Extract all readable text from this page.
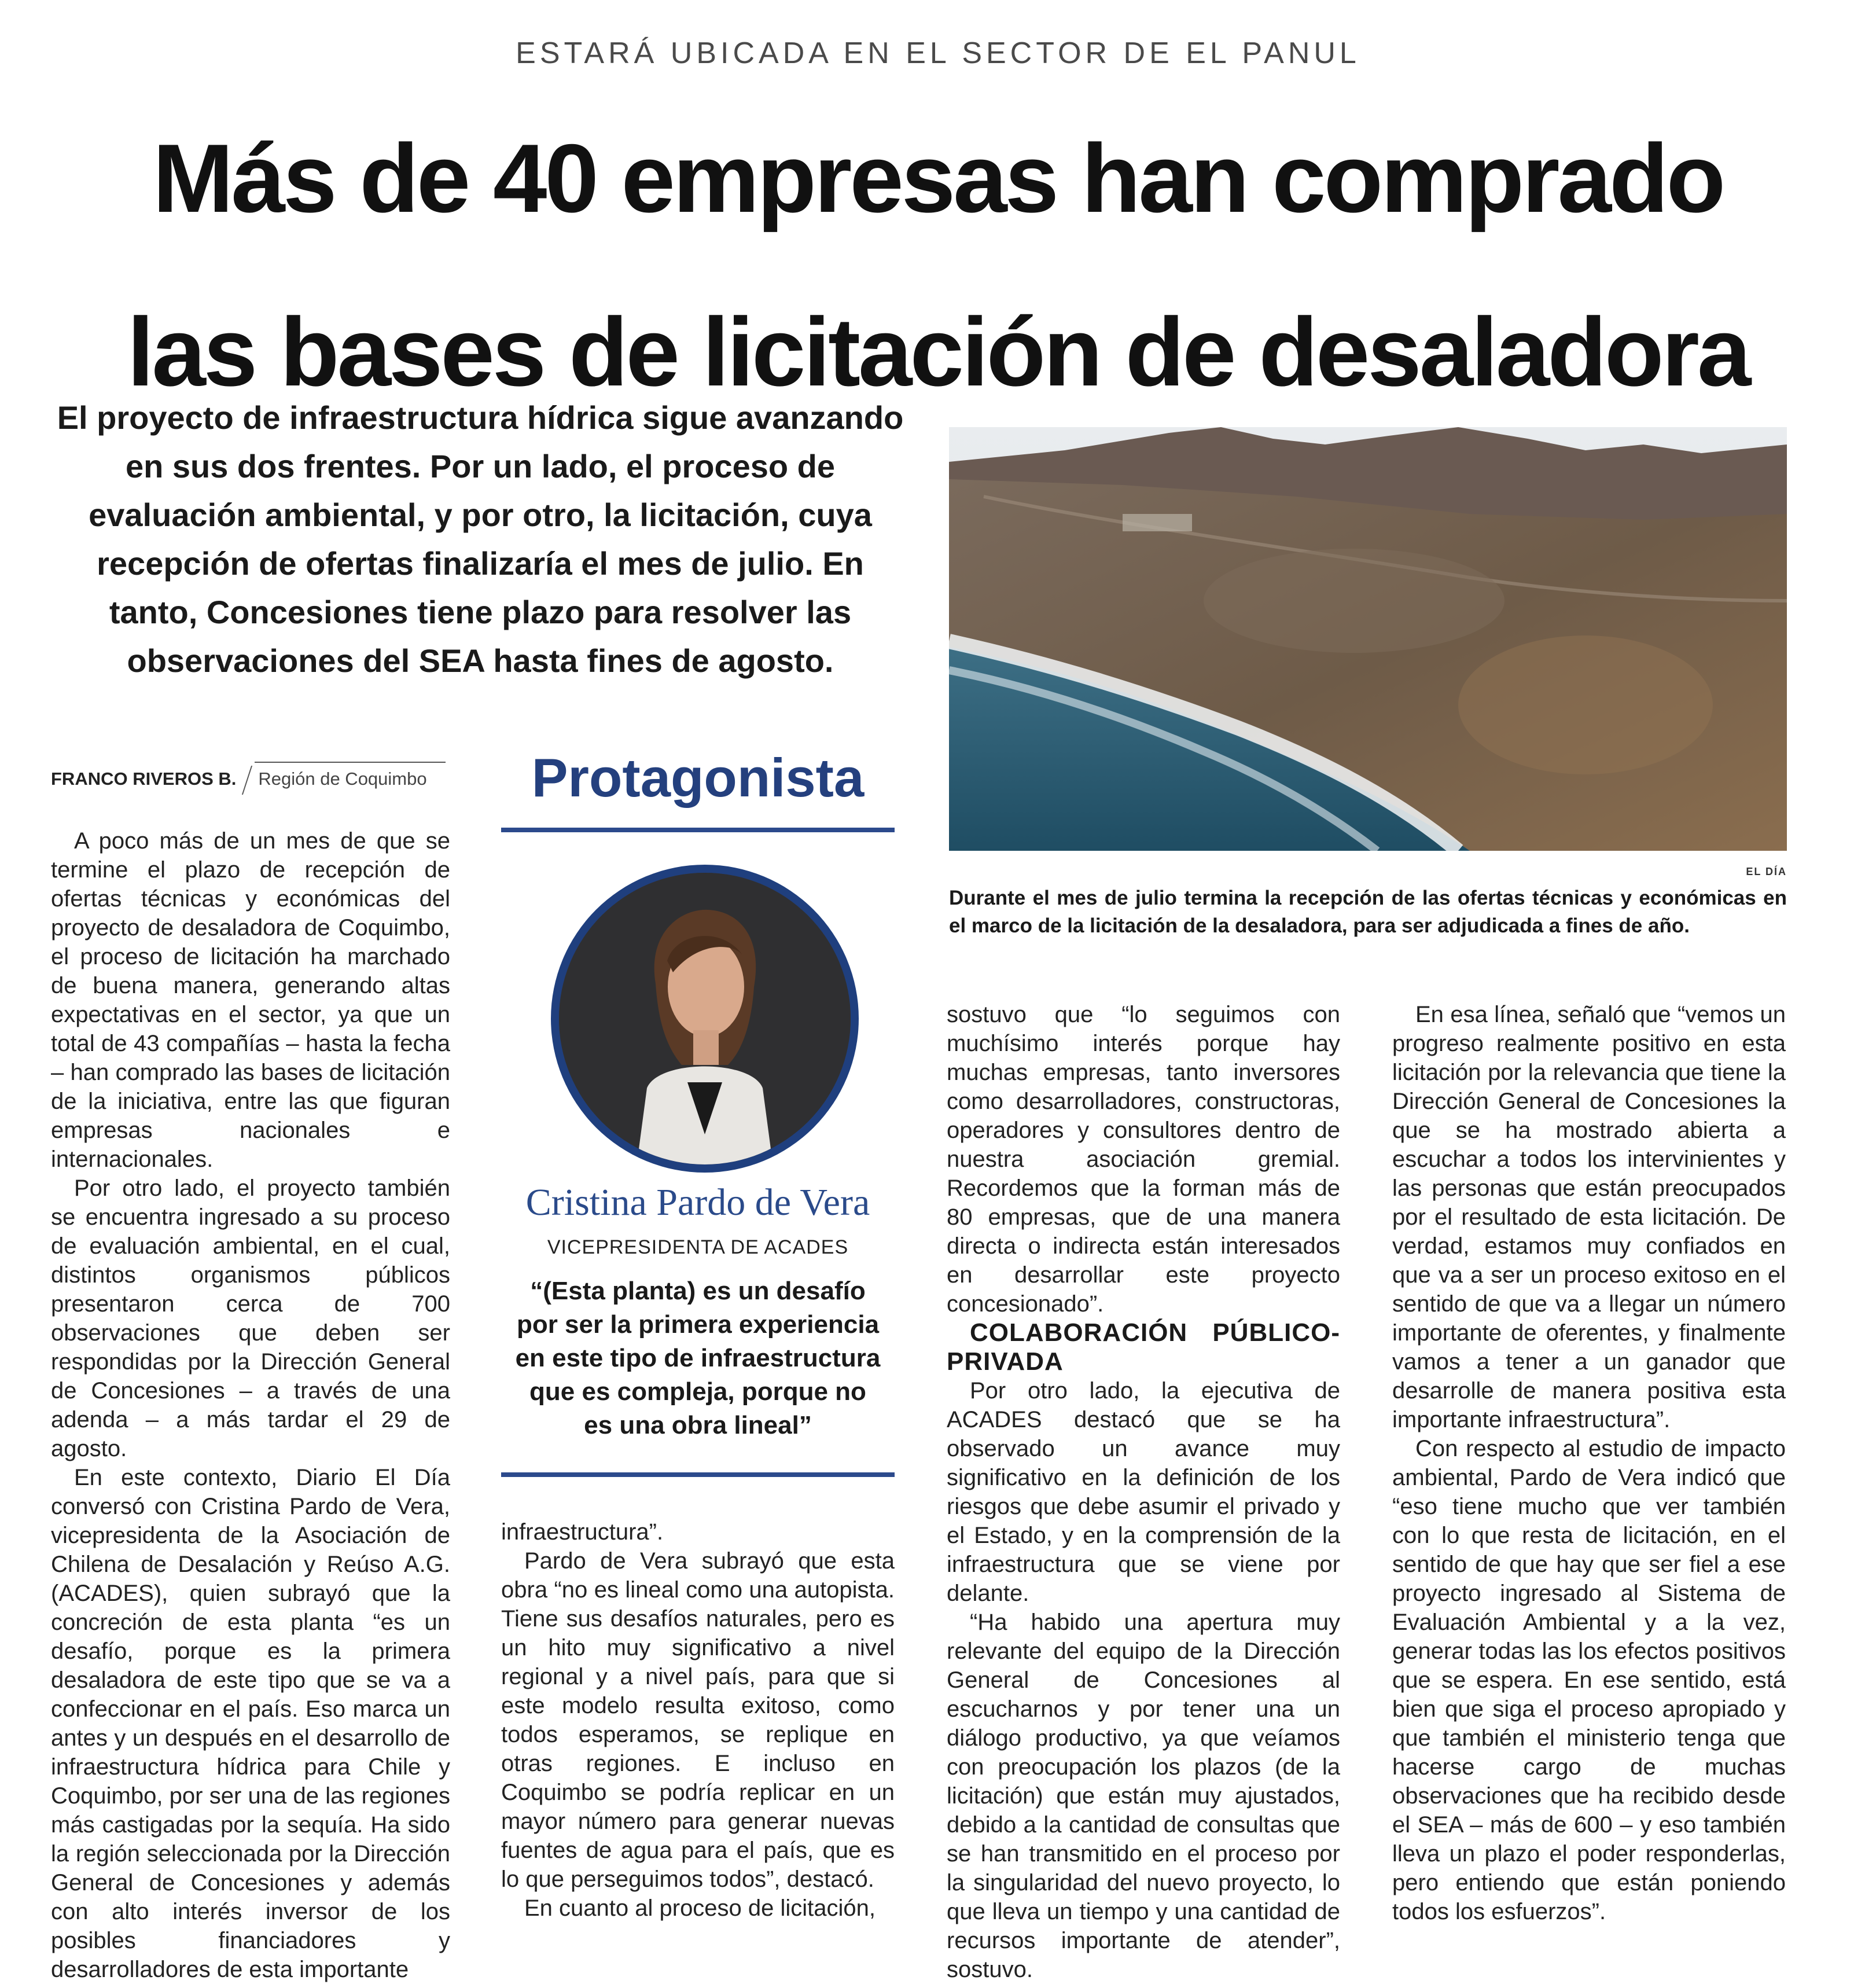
ESTARÁ UBICADA EN EL SECTOR DE EL PANUL
Más de 40 empresas han comprado
las bases de licitación de desaladora
El proyecto de infraestructura hídrica sigue avanzando en sus dos frentes. Por un lado, el proceso de evaluación ambiental, y por otro, la licitación, cuya recepción de ofertas finalizaría el mes de julio. En tanto, Concesiones tiene plazo para resolver las observaciones del SEA hasta fines de agosto.
EL DÍA
Durante el mes de julio termina la recepción de las ofertas técnicas y económicas en el marco de la licitación de la desaladora, para ser adjudicada a fines de año.
FRANCO RIVEROS B. Región de Coquimbo

A poco más de un mes de que se termine el plazo de recepción de ofertas técnicas y económicas del proyecto de desaladora de Coquimbo, el proceso de licitación ha marchado de buena manera, generando altas expectativas en el sector, ya que un total de 43 compañías – hasta la fecha – han comprado las bases de licitación de la iniciativa, entre las que figuran empresas nacionales e internacionales.

Por otro lado, el proyecto también se encuentra ingresado a su proceso de evaluación ambiental, en el cual, distintos organismos públicos presentaron cerca de 700 observaciones que deben ser respondidas por la Dirección General de Concesiones – a través de una adenda – a más tardar el 29 de agosto.

En este contexto, Diario El Día conversó con Cristina Pardo de Vera, vicepresidenta de la Asociación de Chilena de Desalación y Reúso A.G. (ACADES), quien subrayó que la concreción de esta planta “es un desafío, porque es la primera desaladora de este tipo que se va a confeccionar en el país. Eso marca un antes y un después en el desarrollo de infraestructura hídrica para Chile y Coquimbo, por ser una de las regiones más castigadas por la sequía. Ha sido la región seleccionada por la Dirección General de Concesiones y además con alto interés inversor de los posibles financiadores y desarrolladores de esta importante

Protagonista
Cristina Pardo de Vera
VICEPRESIDENTA DE ACADES
“(Esta planta) es un desafío por ser la primera experiencia en este tipo de infraestructura que es compleja, porque no es una obra lineal”

infraestructura”.

Pardo de Vera subrayó que esta obra “no es lineal como una autopista. Tiene sus desafíos naturales, pero es un hito muy significativo a nivel regional y a nivel país, para que si este modelo resulta exitoso, como todos esperamos, se replique en otras regiones. E incluso en Coquimbo se podría replicar en un mayor número para generar nuevas fuentes de agua para el país, que es lo que perseguimos todos”, destacó.

En cuanto al proceso de licitación,

sostuvo que “lo seguimos con muchísimo interés porque hay muchas empresas, tanto inversores como desarrolladores, constructoras, operadores y consultores dentro de nuestra asociación gremial. Recordemos que la forman más de 80 empresas, que de una manera directa o indirecta están interesados en desarrollar este proyecto concesionado”.

COLABORACIÓN PÚBLICO-PRIVADA

Por otro lado, la ejecutiva de ACADES destacó que se ha observado un avance muy significativo en la definición de los riesgos que debe asumir el privado y el Estado, y en la comprensión de la infraestructura que se viene por delante.

“Ha habido una apertura muy relevante del equipo de la Dirección General de Concesiones al escucharnos y por tener una un diálogo productivo, ya que veíamos con preocupación los plazos (de la licitación) que están muy ajustados, debido a la cantidad de consultas que se han transmitido en el proceso por la singularidad del nuevo proyecto, lo que lleva un tiempo y una cantidad de recursos importante de atender”, sostuvo.

En esa línea, señaló que “vemos un progreso realmente positivo en esta licitación por la relevancia que tiene la Dirección General de Concesiones la que se ha mostrado abierta a escuchar a todos los intervinientes y las personas que están preocupados por el resultado de esta licitación. De verdad, estamos muy confiados en que va a ser un proceso exitoso en el sentido de que va a llegar un número importante de oferentes, y finalmente vamos a tener a un ganador que desarrolle de manera positiva esta importante infraestructura”.

Con respecto al estudio de impacto ambiental, Pardo de Vera indicó que “eso tiene mucho que ver también con lo que resta de licitación, en el sentido de que hay que ser fiel a ese proyecto ingresado al Sistema de Evaluación Ambiental y a la vez, generar todas las los efectos positivos que se espera. En ese sentido, está bien que siga el proceso apropiado y que también el ministerio tenga que hacerse cargo de muchas observaciones que ha recibido desde el SEA – más de 600 – y eso también lleva un plazo el poder responderlas, pero entiendo que están poniendo todos los esfuerzos”.
